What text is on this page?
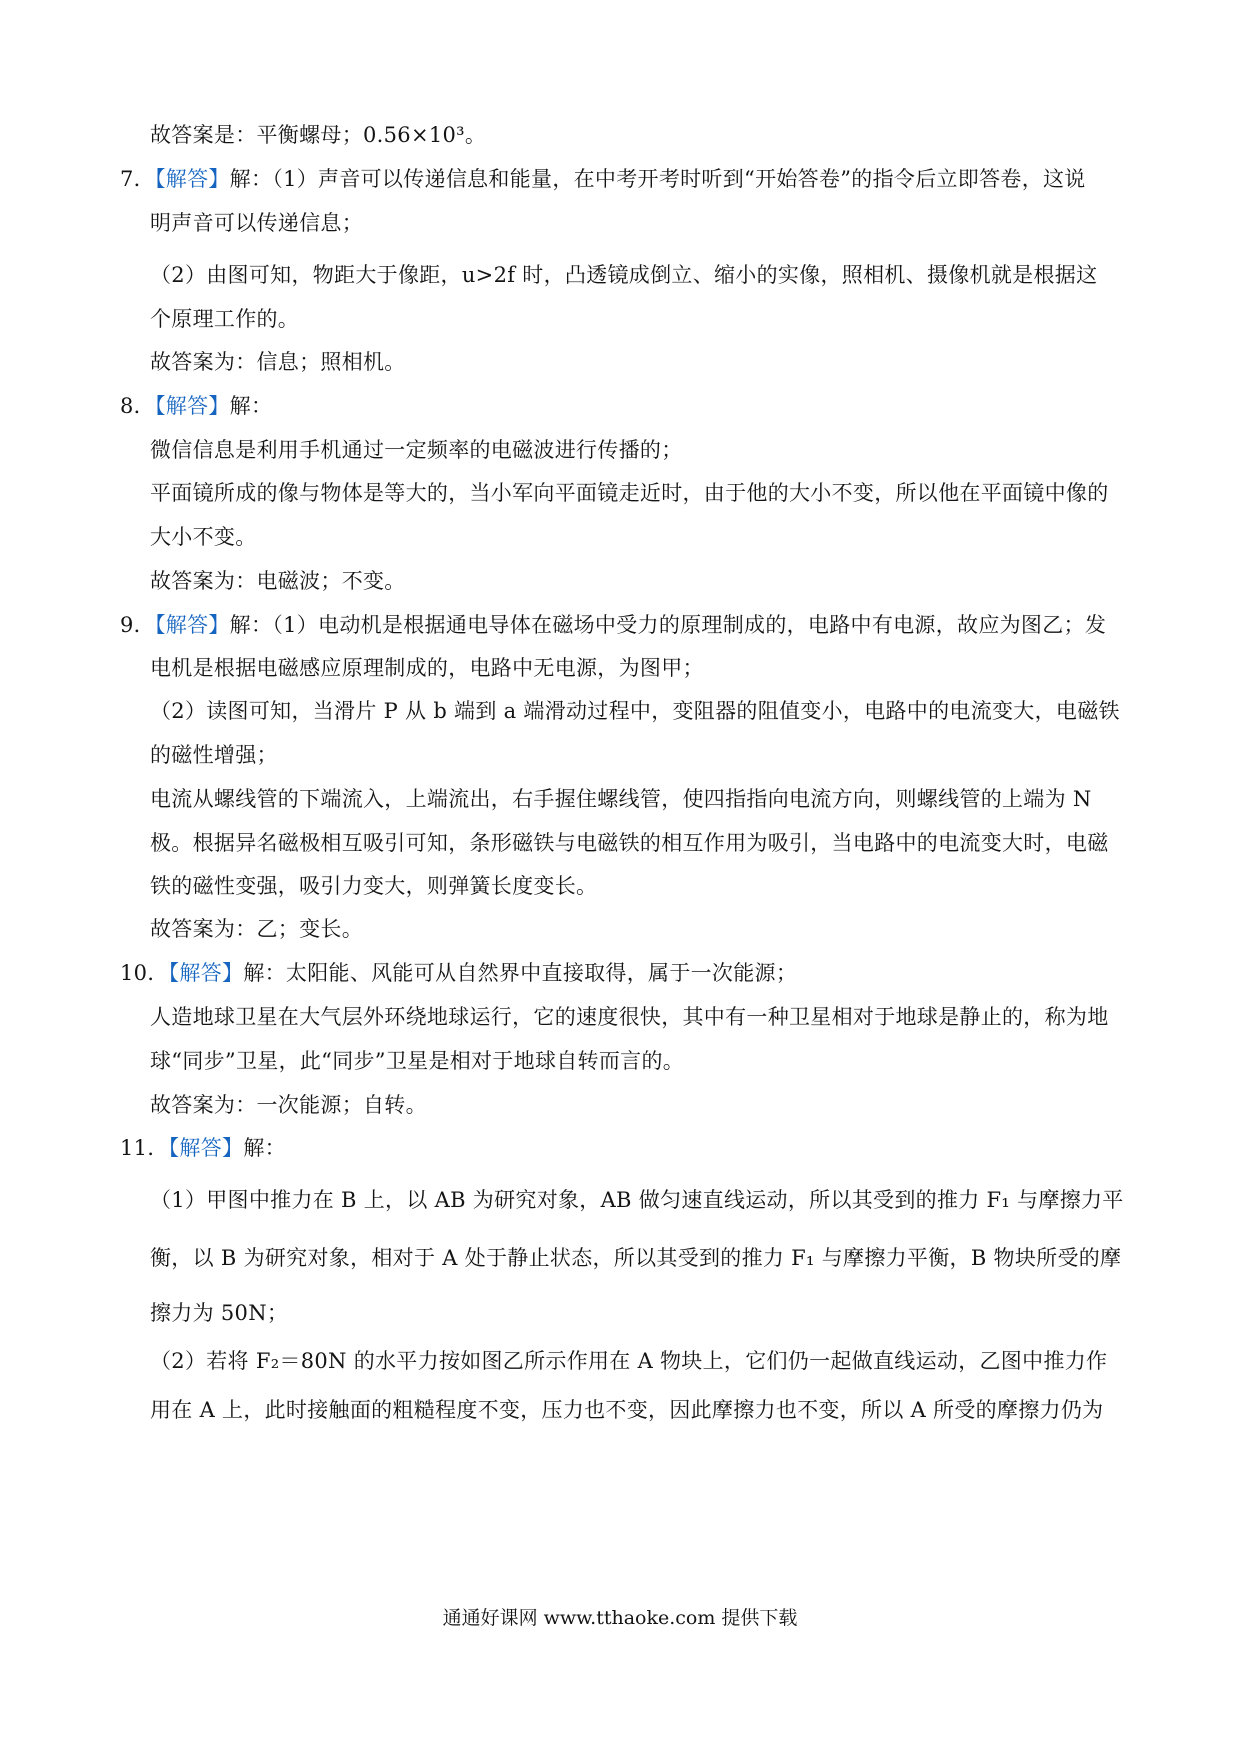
故答案是：平衡螺母；0.56×10³。
7．【解答】解：（1）声音可以传递信息和能量，在中考开考时听到“开始答卷”的指令后立即答卷，这说
明声音可以传递信息；
（2）由图可知，物距大于像距，u>2f 时，凸透镜成倒立、缩小的实像，照相机、摄像机就是根据这
个原理工作的。
故答案为：信息；照相机。
8．【解答】解：
微信信息是利用手机通过一定频率的电磁波进行传播的；
平面镜所成的像与物体是等大的，当小军向平面镜走近时，由于他的大小不变，所以他在平面镜中像的
大小不变。
故答案为：电磁波；不变。
9．【解答】解：（1）电动机是根据通电导体在磁场中受力的原理制成的，电路中有电源，故应为图乙；发
电机是根据电磁感应原理制成的，电路中无电源，为图甲；
（2）读图可知，当滑片 P 从 b 端到 a 端滑动过程中，变阻器的阻值变小，电路中的电流变大，电磁铁
的磁性增强；
电流从螺线管的下端流入，上端流出，右手握住螺线管，使四指指向电流方向，则螺线管的上端为 N
极。根据异名磁极相互吸引可知，条形磁铁与电磁铁的相互作用为吸引，当电路中的电流变大时，电磁
铁的磁性变强，吸引力变大，则弹簧长度变长。
故答案为：乙；变长。
10．【解答】解：太阳能、风能可从自然界中直接取得，属于一次能源；
人造地球卫星在大气层外环绕地球运行，它的速度很快，其中有一种卫星相对于地球是静止的，称为地
球“同步”卫星，此“同步”卫星是相对于地球自转而言的。
故答案为：一次能源；自转。
11．【解答】解：
（1）甲图中推力在 B 上，以 AB 为研究对象，AB 做匀速直线运动，所以其受到的推力 F₁ 与摩擦力平
衡，以 B 为研究对象，相对于 A 处于静止状态，所以其受到的推力 F₁ 与摩擦力平衡，B 物块所受的摩
擦力为 50N；
（2）若将 F₂＝80N 的水平力按如图乙所示作用在 A 物块上，它们仍一起做直线运动，乙图中推力作
用在 A 上，此时接触面的粗糙程度不变，压力也不变，因此摩擦力也不变，所以 A 所受的摩擦力仍为
通通好课网 www.tthaoke.com 提供下载
